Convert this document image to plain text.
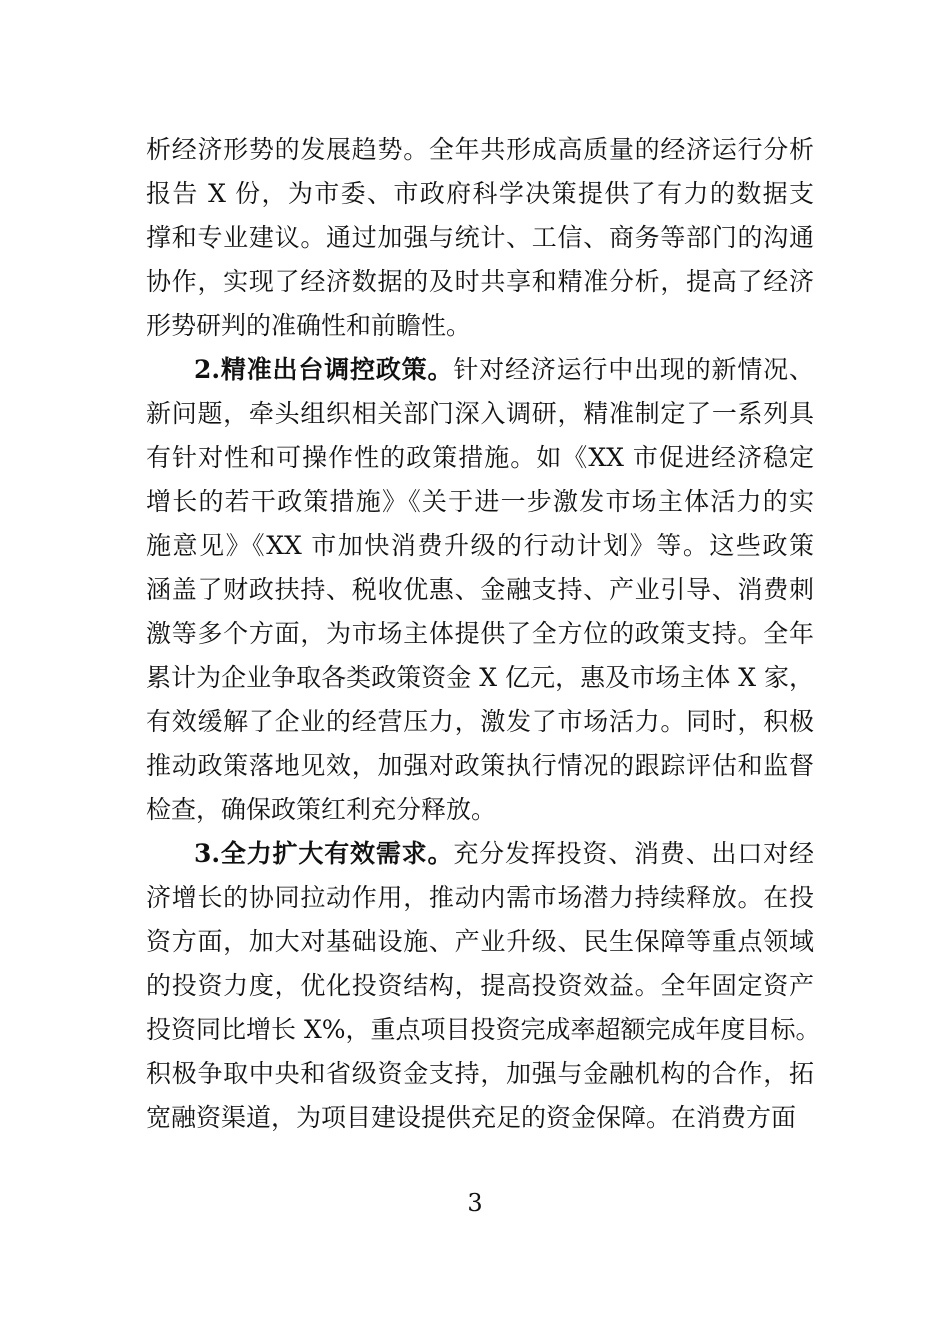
析经济形势的发展趋势。全年共形成高质量的经济运行分析
报告 X 份，为市委、市政府科学决策提供了有力的数据支
撑和专业建议。通过加强与统计、工信、商务等部门的沟通
协作，实现了经济数据的及时共享和精准分析，提高了经济
形势研判的准确性和前瞻性。
2.精准出台调控政策。针对经济运行中出现的新情况、
新问题，牵头组织相关部门深入调研，精准制定了一系列具
有针对性和可操作性的政策措施。如《XX 市促进经济稳定
增长的若干政策措施》《关于进一步激发市场主体活力的实
施意见》《XX 市加快消费升级的行动计划》等。这些政策
涵盖了财政扶持、税收优惠、金融支持、产业引导、消费刺
激等多个方面，为市场主体提供了全方位的政策支持。全年
累计为企业争取各类政策资金 X 亿元，惠及市场主体 X 家，
有效缓解了企业的经营压力，激发了市场活力。同时，积极
推动政策落地见效，加强对政策执行情况的跟踪评估和监督
检查，确保政策红利充分释放。
3.全力扩大有效需求。充分发挥投资、消费、出口对经
济增长的协同拉动作用，推动内需市场潜力持续释放。在投
资方面，加大对基础设施、产业升级、民生保障等重点领域
的投资力度，优化投资结构，提高投资效益。全年固定资产
投资同比增长 X%，重点项目投资完成率超额完成年度目标。
积极争取中央和省级资金支持，加强与金融机构的合作，拓
宽融资渠道，为项目建设提供充足的资金保障。在消费方面
3
